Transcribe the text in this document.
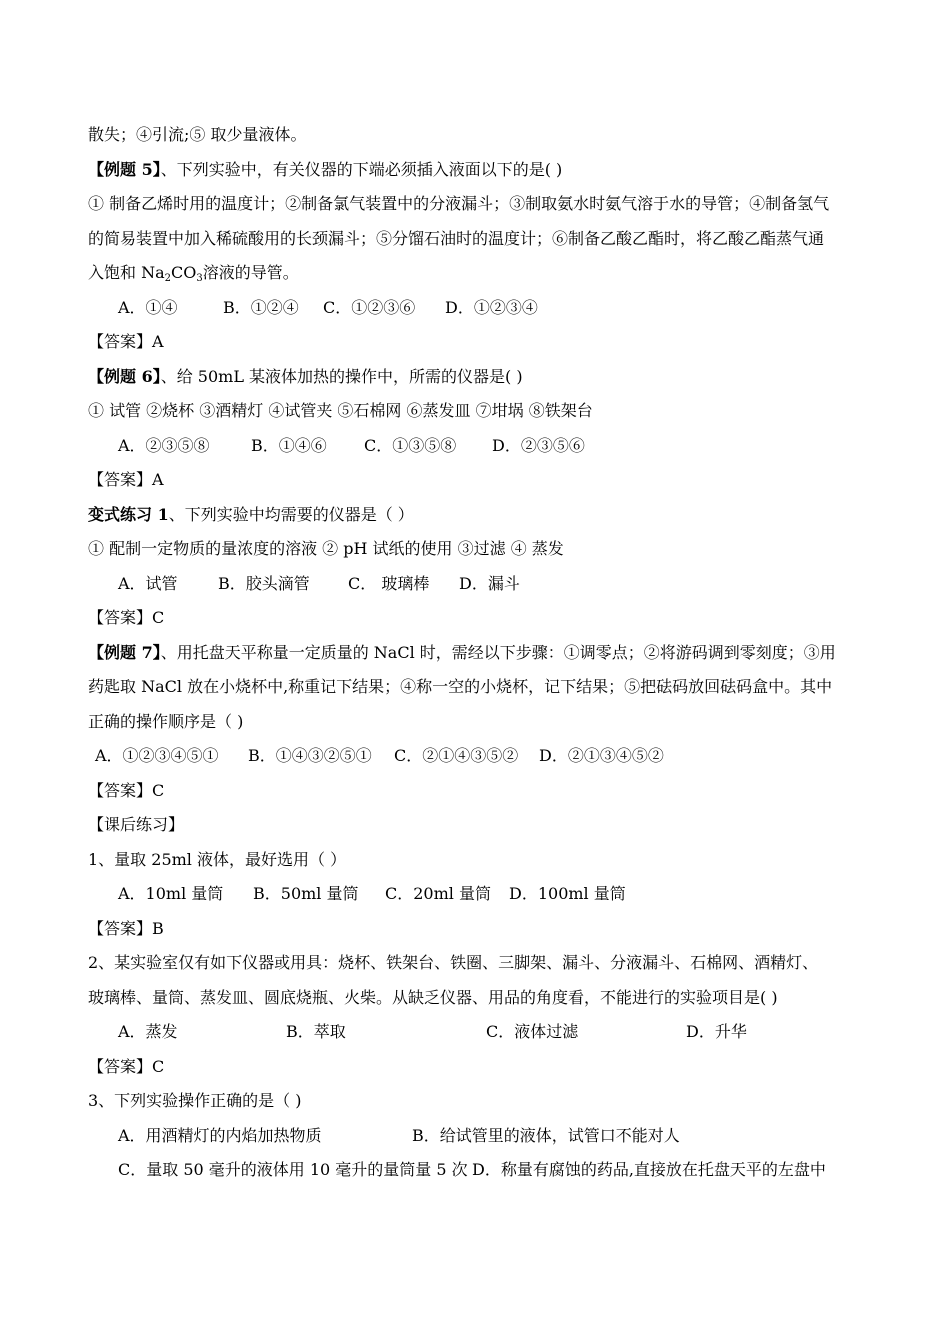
散失；④引流;⑤ 取少量液体。
【例题 5】、下列实验中，有关仪器的下端必须插入液面以下的是( )
① 制备乙烯时用的温度计；②制备氯气装置中的分液漏斗；③制取氨水时氨气溶于水的导管；④制备氢气
的简易装置中加入稀硫酸用的长颈漏斗；⑤分馏石油时的温度计；⑥制备乙酸乙酯时，将乙酸乙酯蒸气通
入饱和 $Na_2CO_3$溶液的导管。
A．①④	B．①②④ C．①②③⑥ D．①②③④
【答案】A
【例题 6】、给 50mL 某液体加热的操作中，所需的仪器是( )
① 试管 ②烧杯 ③酒精灯 ④试管夹 ⑤石棉网 ⑥蒸发皿 ⑦坩埚 ⑧铁架台
A．②③⑤⑧	B．①④⑥ C．①③⑤⑧ D．②③⑤⑥
【答案】A
变式练习 1、下列实验中均需要的仪器是（ ）
① 配制一定物质的量浓度的溶液 ② pH 试纸的使用 ③过滤 ④ 蒸发
A．试管	B．胶头滴管 C． 玻璃棒 D．漏斗
【答案】C
【例题 7】、用托盘天平称量一定质量的 NaCl 时，需经以下步骤：①调零点；②将游码调到零刻度；③用
药匙取 NaCl 放在小烧杯中,称重记下结果；④称一空的小烧杯，记下结果；⑤把砝码放回砝码盒中。其中
正确的操作顺序是（ )
A．①②③④⑤① B．①④③②⑤① C．②①④③⑤② D．②①③④⑤②
【答案】C
【课后练习】
1、量取 25ml 液体，最好选用（ ）
A．10ml 量筒 B．50ml 量筒 C．20ml 量筒 D．100ml 量筒
【答案】B
2、某实验室仅有如下仪器或用具：烧杯、铁架台、铁圈、三脚架、漏斗、分液漏斗、石棉网、酒精灯、
玻璃棒、量筒、蒸发皿、圆底烧瓶、火柴。从缺乏仪器、用品的角度看，不能进行的实验项目是( )
A．蒸发	B．萃取	C．液体过滤	D．升华
【答案】C
3、下列实验操作正确的是（ )
A．用酒精灯的内焰加热物质	B．给试管里的液体，试管口不能对人
C．量取 50 毫升的液体用 10 毫升的量筒量 5 次 D．称量有腐蚀的药品,直接放在托盘天平的左盘中
